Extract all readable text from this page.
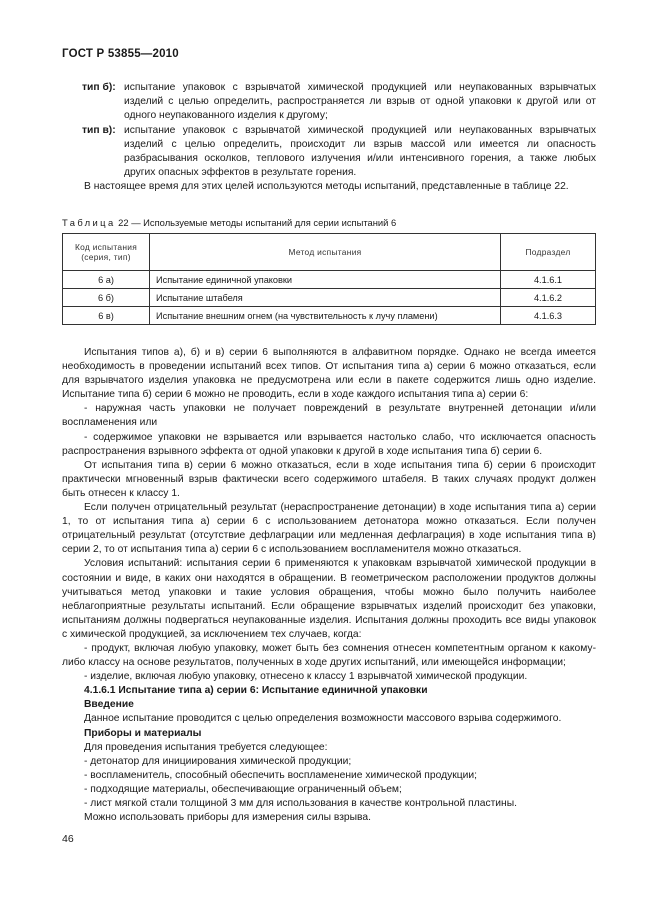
ГОСТ Р 53855—2010
тип б): испытание упаковок с взрывчатой химической продукцией или неупакованных взрывчатых изделий с целью определить, распространяется ли взрыв от одной упаковки к другой или от одного неупакованного изделия к другому;
тип в): испытание упаковок с взрывчатой химической продукцией или неупакованных взрывчатых изделий с целью определить, происходит ли взрыв массой или имеется ли опасность разбрасывания осколков, теплового излучения и/или интенсивного горения, а также любых других опасных эффектов в результате горения.
В настоящее время для этих целей используются методы испытаний, представленные в таблице 22.
Таблица 22 — Используемые методы испытаний для серии испытаний 6
Код испытания (серия, тип)	Метод испытания	Подраздел
6 а)	Испытание единичной упаковки	4.1.6.1
6 б)	Испытание штабеля	4.1.6.2
6 в)	Испытание внешним огнем (на чувствительность к лучу пламени)	4.1.6.3
Испытания типов а), б) и в) серии 6 выполняются в алфавитном порядке. Однако не всегда имеется необходимость в проведении испытаний всех типов. От испытания типа а) серии 6 можно отказаться, если для взрывчатого изделия упаковка не предусмотрена или если в пакете содержится лишь одно изделие. Испытание типа б) серии 6 можно не проводить, если в ходе каждого испытания типа а) серии 6:
- наружная часть упаковки не получает повреждений в результате внутренней детонации и/или воспламенения или
- содержимое упаковки не взрывается или взрывается настолько слабо, что исключается опасность распространения взрывного эффекта от одной упаковки к другой в ходе испытания типа б) серии 6.
От испытания типа в) серии 6 можно отказаться, если в ходе испытания типа б) серии 6 происходит практически мгновенный взрыв фактически всего содержимого штабеля. В таких случаях продукт должен быть отнесен к классу 1.
Если получен отрицательный результат (нераспространение детонации) в ходе испытания типа а) серии 1, то от испытания типа а) серии 6 с использованием детонатора можно отказаться. Если получен отрицательный результат (отсутствие дефлаграции или медленная дефлаграция) в ходе испытания типа в) серии 2, то от испытания типа а) серии 6 с использованием воспламенителя можно отказаться.
Условия испытаний: испытания серии 6 применяются к упаковкам взрывчатой химической продукции в состоянии и виде, в каких они находятся в обращении. В геометрическом расположении продуктов должны учитываться метод упаковки и такие условия обращения, чтобы можно было получить наиболее неблагоприятные результаты испытаний. Если обращение взрывчатых изделий происходит без упаковки, испытаниям должны подвергаться неупакованные изделия. Испытания должны проходить все виды упаковок с химической продукцией, за исключением тех случаев, когда:
- продукт, включая любую упаковку, может быть без сомнения отнесен компетентным органом к какому-либо классу на основе результатов, полученных в ходе других испытаний, или имеющейся информации;
- изделие, включая любую упаковку, отнесено к классу 1 взрывчатой химической продукции.
4.1.6.1 Испытание типа а) серии 6: Испытание единичной упаковки
Введение
Данное испытание проводится с целью определения возможности массового взрыва содержимого.
Приборы и материалы
Для проведения испытания требуется следующее:
- детонатор для инициирования химической продукции;
- воспламенитель, способный обеспечить воспламенение химической продукции;
- подходящие материалы, обеспечивающие ограниченный объем;
- лист мягкой стали толщиной 3 мм для использования в качестве контрольной пластины.
Можно использовать приборы для измерения силы взрыва.
46
